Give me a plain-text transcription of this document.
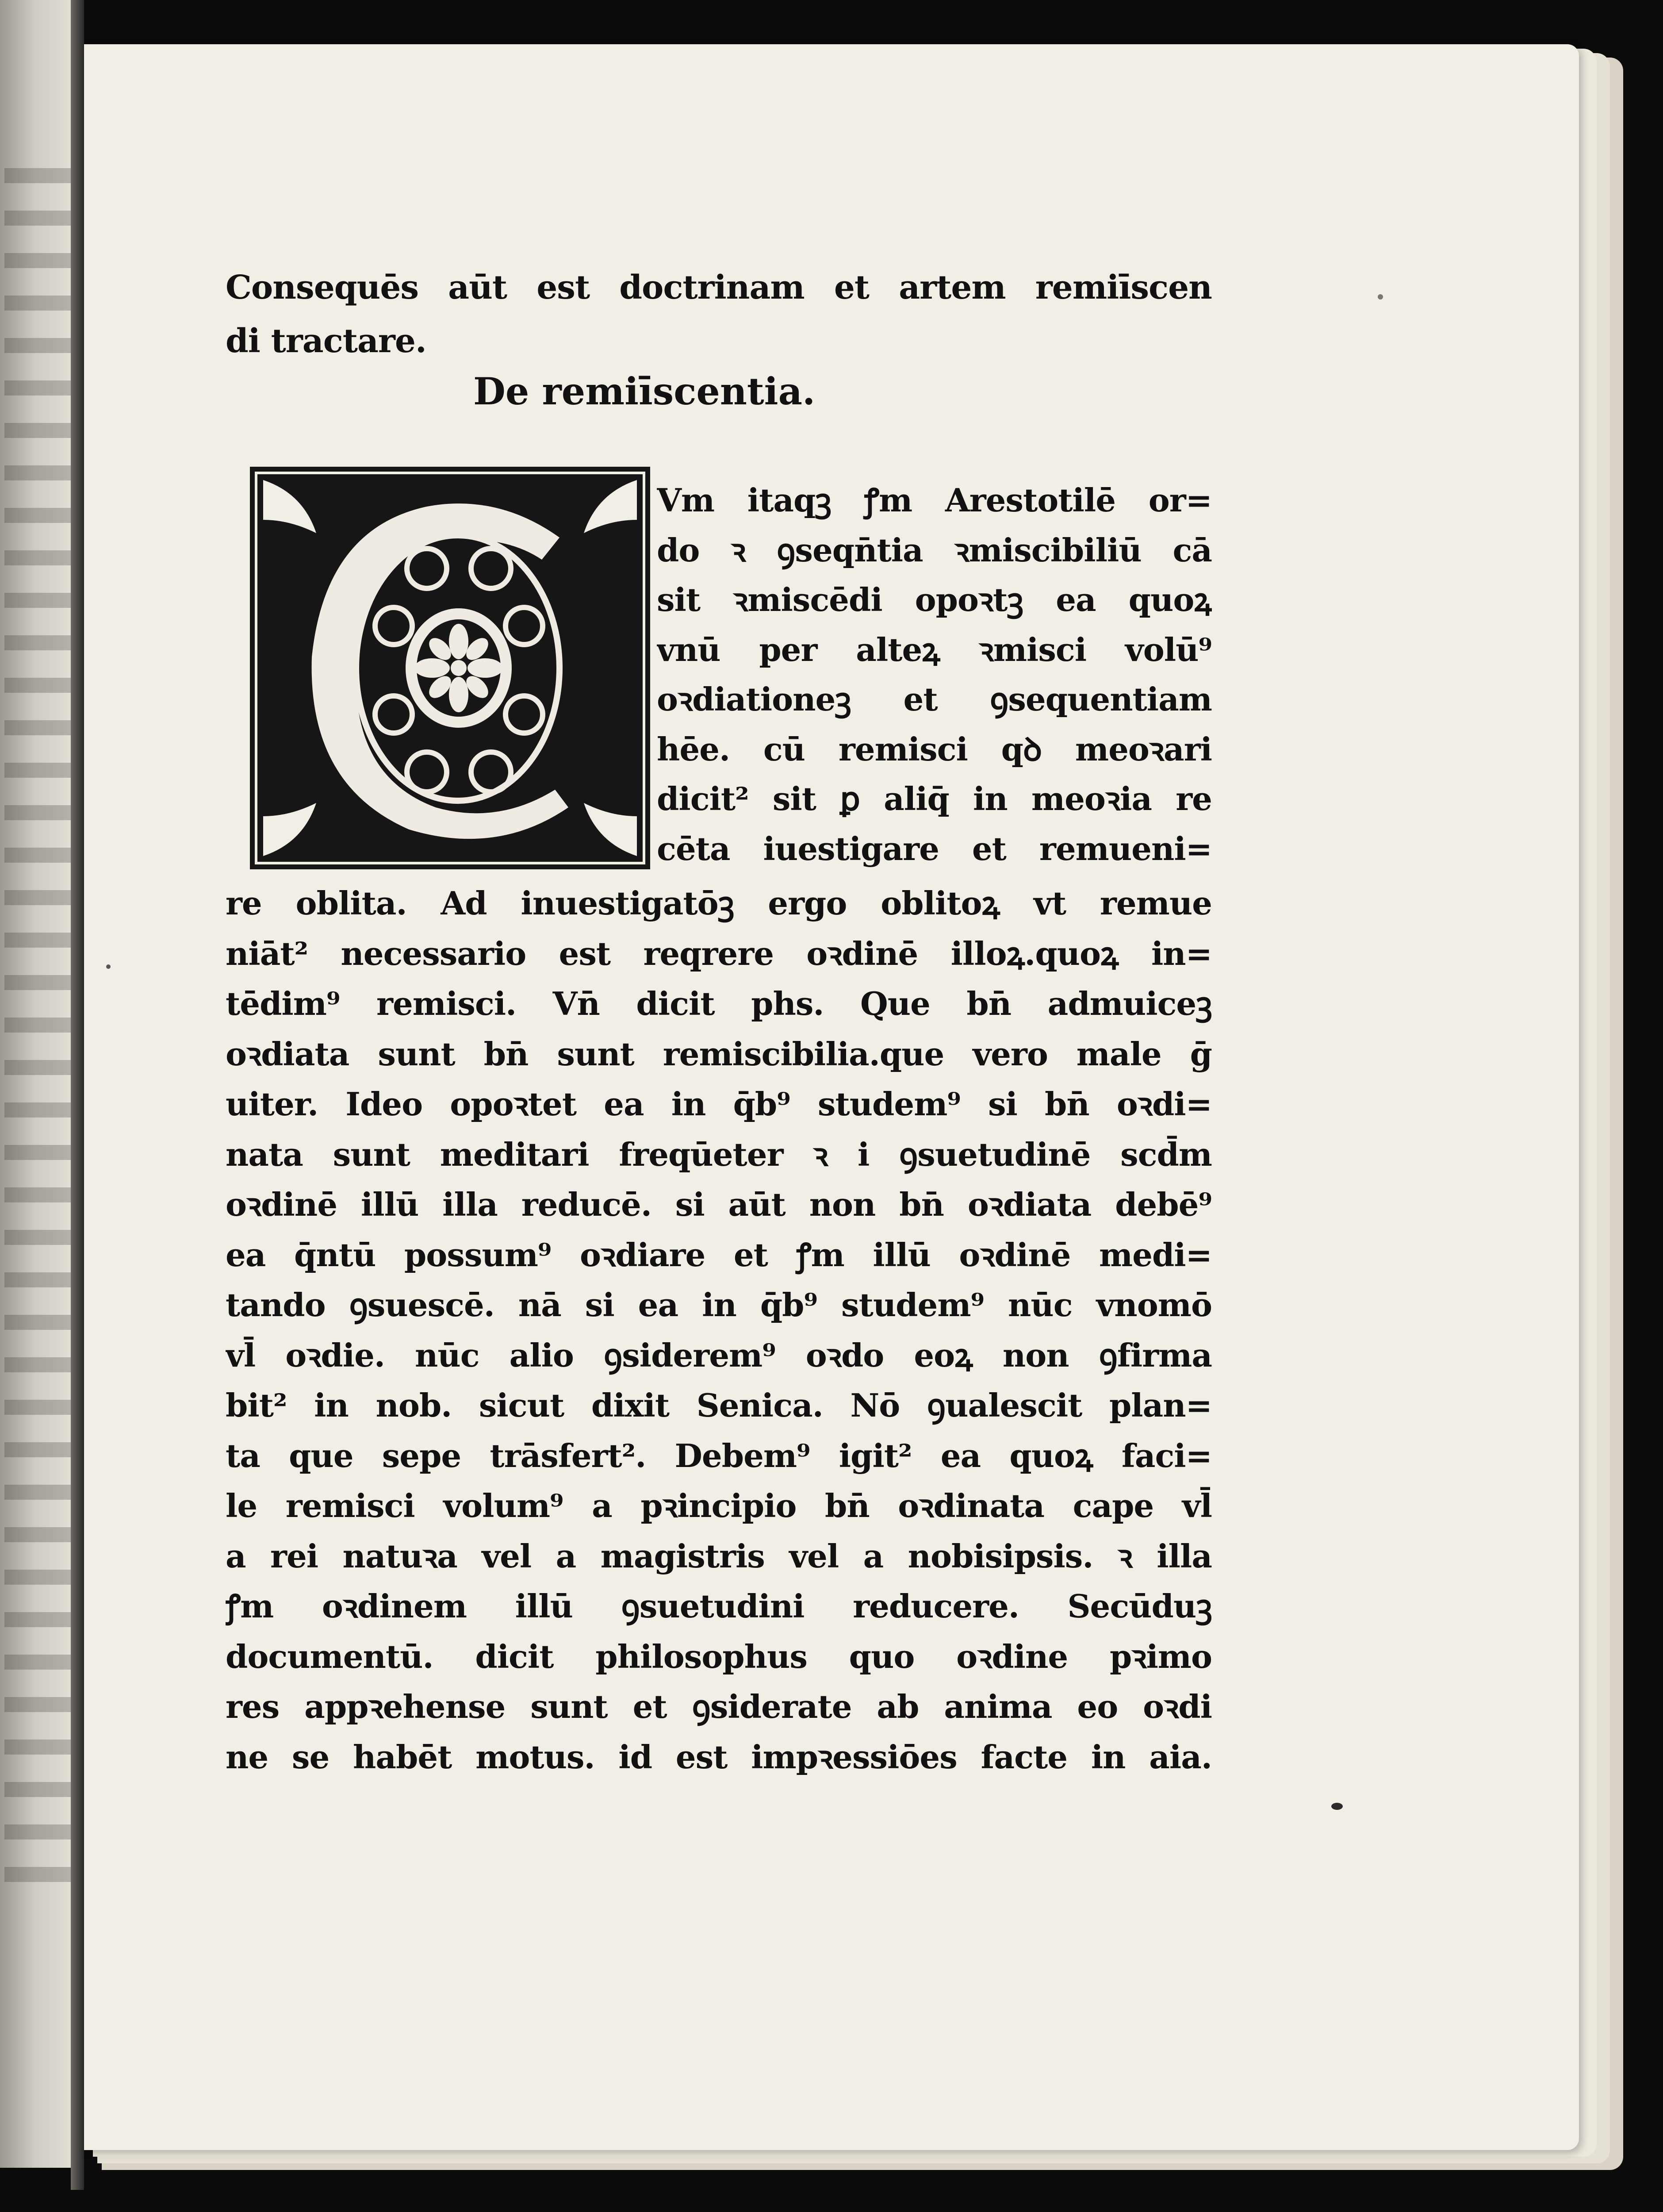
Consequēs aūt est doctrinam et artem remiīscen
di tractare.
De remiīscentia.
Vm itaqꝫ ꝭm Arestotilē or=
do ꝛ ꝯseqn̄tia ꝛmiscibiliū cā
sit ꝛmiscēdi opoꝛtꝫ ea quoꝝ
vnū per alteꝝ ꝛmisci volū⁹
oꝛdiationeꝫ et ꝯsequentiam
hēe. cū remisci qꝺ meoꝛari
dicit² sit ꝑ aliq̄ in meoꝛia re
cēta iuestigare et remueni=
re oblita. Ad inuestigatōꝫ ergo oblitoꝝ vt remue
niāt² necessario est reqrere oꝛdinē illoꝝ.quoꝝ in=
tēdim⁹ remisci. Vn̄ dicit phs. Que bn̄ admuiceꝫ
oꝛdiata sunt bn̄ sunt remiscibilia.que vero male ḡ
uiter. Ideo opoꝛtet ea in q̄b⁹ studem⁹ si bn̄ oꝛdi=
nata sunt meditari freqūeter ꝛ i ꝯsuetudinē scd̄m
oꝛdinē illū illa reducē. si aūt non bn̄ oꝛdiata debē⁹
ea q̄ntū possum⁹ oꝛdiare et ꝭm illū oꝛdinē medi=
tando ꝯsuescē. nā si ea in q̄b⁹ studem⁹ nūc vnomō
vl̄ oꝛdie. nūc alio ꝯsiderem⁹ oꝛdo eoꝝ non ꝯfirma
bit² in nob. sicut dixit Senica. Nō ꝯualescit plan=
ta que sepe trāsfert². Debem⁹ igit² ea quoꝝ faci=
le remisci volum⁹ a pꝛincipio bn̄ oꝛdinata cape vl̄
a rei natuꝛa vel a magistris vel a nobisipsis. ꝛ illa
ꝭm oꝛdinem illū ꝯsuetudini reducere. Secūduꝫ
documentū. dicit philosophus quo oꝛdine pꝛimo
res appꝛehense sunt et ꝯsiderate ab anima eo oꝛdi
ne se habēt motus. id est impꝛessiōes facte in aia.
